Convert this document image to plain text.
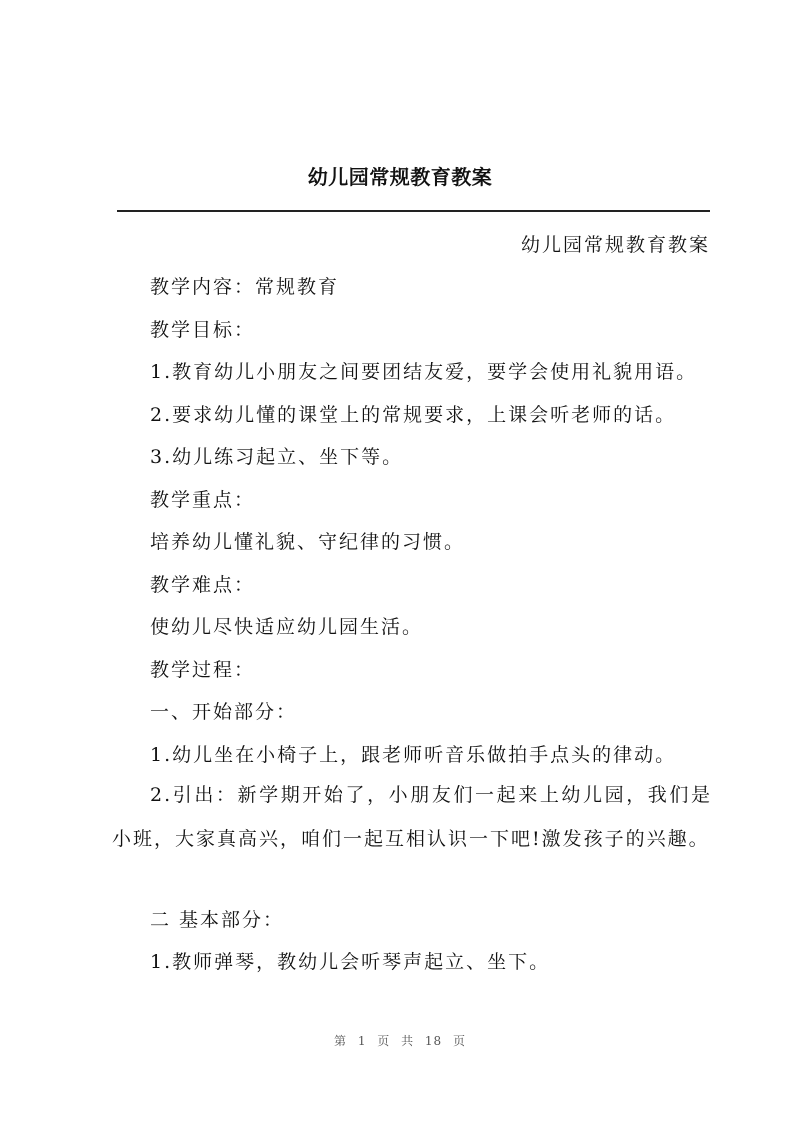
幼儿园常规教育教案
幼儿园常规教育教案
教学内容：常规教育
教学目标：
1.教育幼儿小朋友之间要团结友爱，要学会使用礼貌用语。
2.要求幼儿懂的课堂上的常规要求，上课会听老师的话。
3.幼儿练习起立、坐下等。
教学重点：
培养幼儿懂礼貌、守纪律的习惯。
教学难点：
使幼儿尽快适应幼儿园生活。
教学过程：
一、开始部分：
1.幼儿坐在小椅子上，跟老师听音乐做拍手点头的律动。
2.引出：新学期开始了，小朋友们一起来上幼儿园，我们是小班，大家真高兴，咱们一起互相认识一下吧!激发孩子的兴趣。
二 基本部分：
1.教师弹琴，教幼儿会听琴声起立、坐下。
第 1 页 共 18 页
